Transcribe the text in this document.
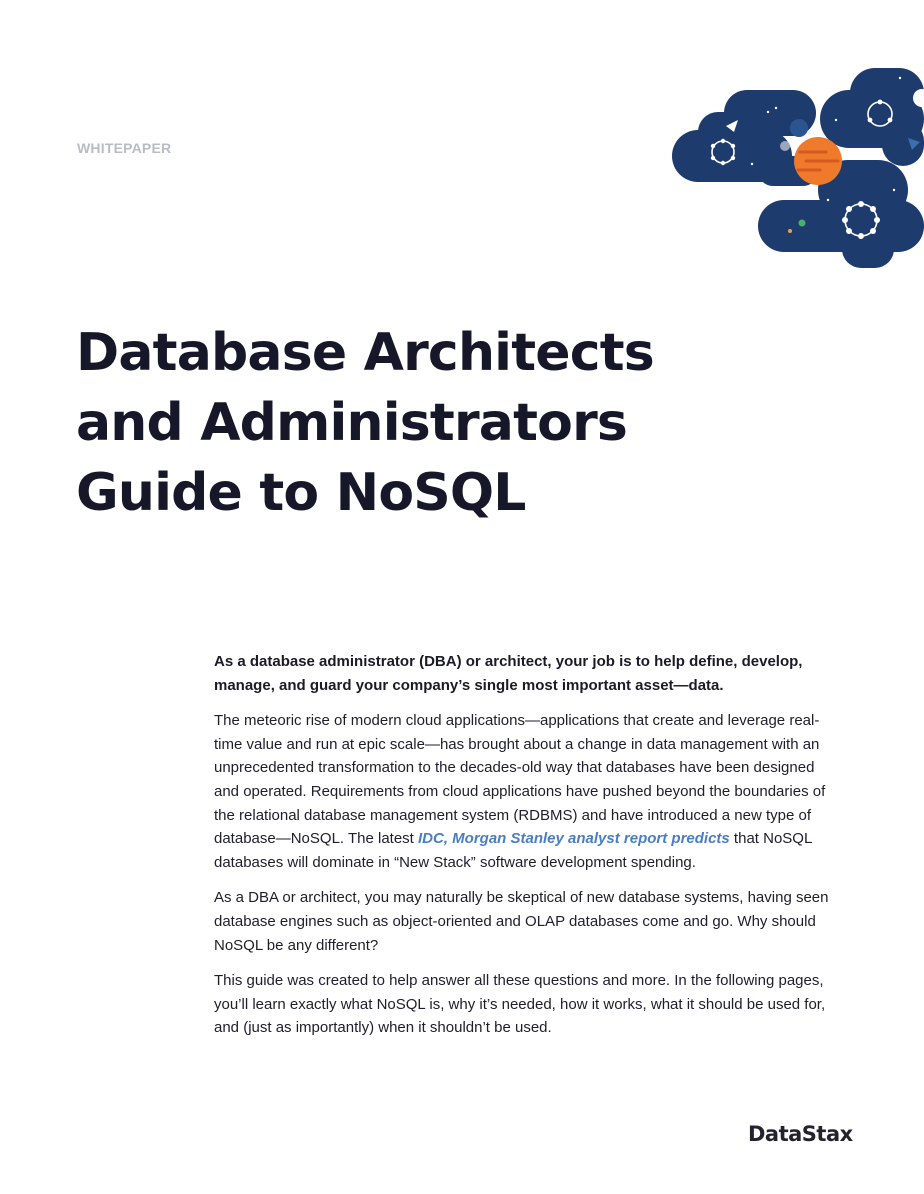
WHITEPAPER
Database Architects
and Administrators
Guide to NoSQL

As a database administrator (DBA) or architect, your job is to help define, develop, manage, and guard your company’s single most important asset—data.

The meteoric rise of modern cloud applications—applications that create and leverage real-time value and run at epic scale—has brought about a change in data management with an unprecedented transformation to the decades-old way that databases have been designed and operated. Requirements from cloud applications have pushed beyond the boundaries of the relational database management system (RDBMS) and have introduced a new type of database—NoSQL. The latest IDC, Morgan Stanley analyst report predicts that NoSQL databases will dominate in “New Stack” software development spending.

As a DBA or architect, you may naturally be skeptical of new database systems, having seen database engines such as object-oriented and OLAP databases come and go. Why should NoSQL be any different?

This guide was created to help answer all these questions and more. In the following pages, you’ll learn exactly what NoSQL is, why it’s needed, how it works, what it should be used for, and (just as importantly) when it shouldn’t be used.

DataStax
